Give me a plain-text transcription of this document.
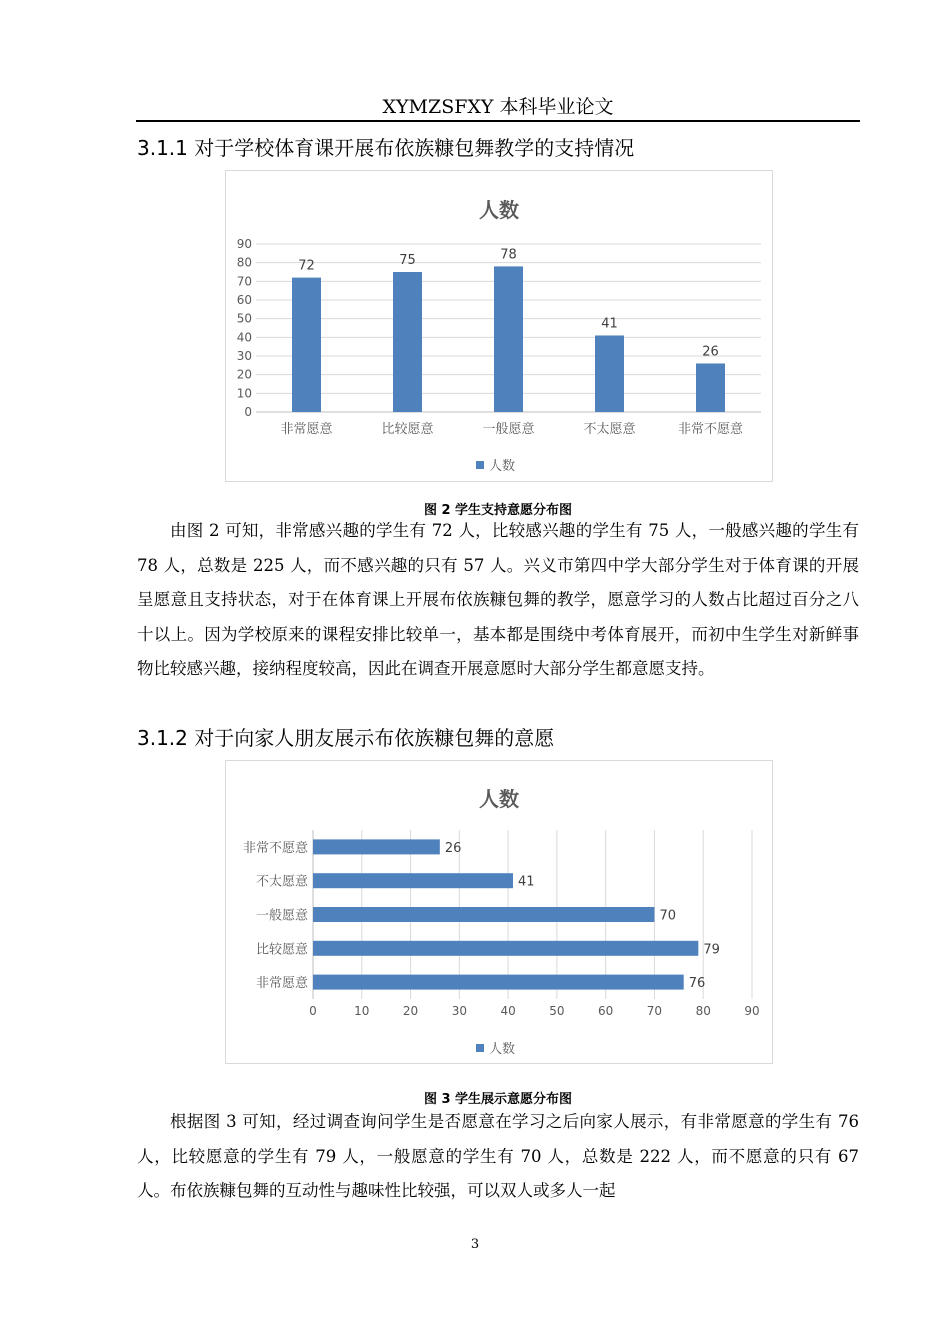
XYMZSFXY 本科毕业论文
3.1.1 对于学校体育课开展布依族糠包舞教学的支持情况
人数
0
10
20
30
40
50
60
70
80
90
72
非常愿意
75
比较愿意
78
一般愿意
41
不太愿意
26
非常不愿意
人数
图 2 学生支持意愿分布图

由图 2 可知，非常感兴趣的学生有 72 人，比较感兴趣的学生有 75 人，一般感兴趣的学生有 78 人，总数是 225 人，而不感兴趣的只有 57 人。兴义市第四中学大部分学生对于体育课的开展呈愿意且支持状态，对于在体育课上开展布依族糠包舞的教学，愿意学习的人数占比超过百分之八十以上。因为学校原来的课程安排比较单一，基本都是围绕中考体育展开，而初中生学生对新鲜事物比较感兴趣，接纳程度较高，因此在调查开展意愿时大部分学生都意愿支持。

3.1.2 对于向家人朋友展示布依族糠包舞的意愿
人数
0	10	20	30	40	50	60	70	80	90
76
非常愿意
79
比较愿意
70
一般愿意
41
不太愿意
26
非常不愿意
人数
图 3 学生展示意愿分布图

根据图 3 可知，经过调查询问学生是否愿意在学习之后向家人展示，有非常愿意的学生有 76 人，比较愿意的学生有 79 人，一般愿意的学生有 70 人，总数是 222 人，而不愿意的只有 67 人。布依族糠包舞的互动性与趣味性比较强，可以双人或多人一起

3
